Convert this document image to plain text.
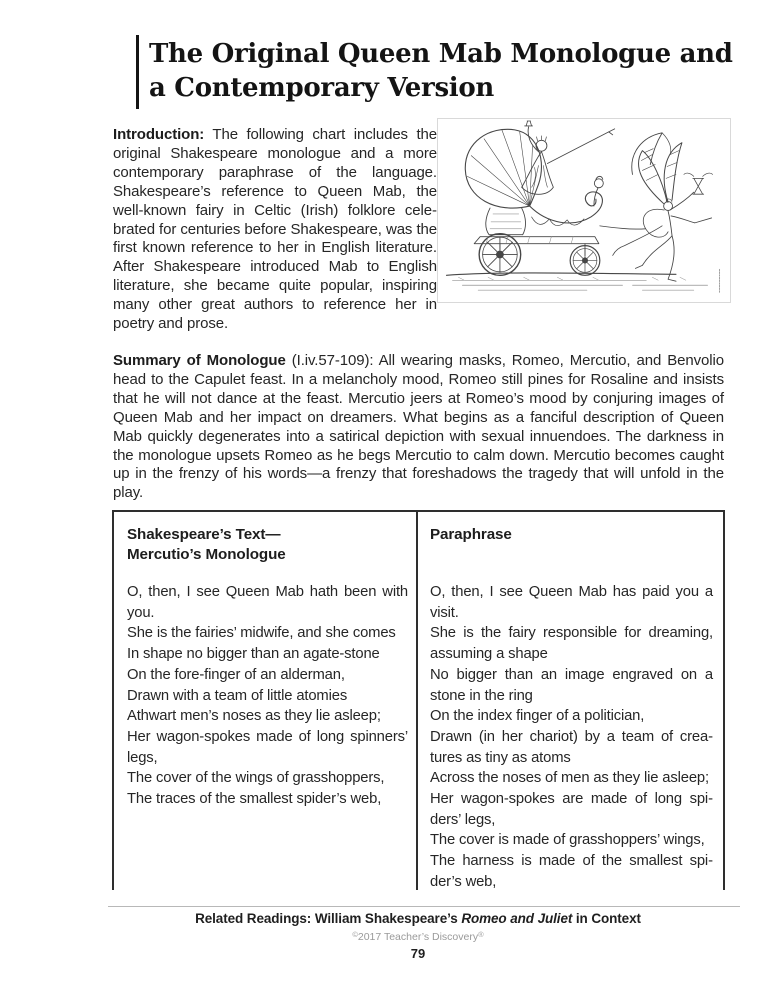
The Original Queen Mab Monologue and
a Contemporary Version

Introduction: The following chart includes the original Shakespeare monologue and a more contemporary paraphrase of the language. Shakespeare’s reference to Queen Mab, the well-known fairy in Celtic (Irish) folklore celebrated for centuries before Shakespeare, was the first known reference to her in English literature. After Shakespeare introduced Mab to English literature, she became quite popular, inspiring many other great authors to reference her in poetry and prose.

Summary of Monologue (I.iv.57-109): All wearing masks, Romeo, Mercutio, and Benvolio head to the Capulet feast. In a melancholy mood, Romeo still pines for Rosaline and insists that he will not dance at the feast. Mercutio jeers at Romeo’s mood by conjuring images of Queen Mab and her impact on dreamers. What begins as a fanciful description of Queen Mab quickly degenerates into a satirical depiction with sexual innuendoes. The darkness in the monologue upsets Romeo as he begs Mercutio to calm down. Mercutio becomes caught up in the frenzy of his words—a frenzy that foreshadows the tragedy that will unfold in the play.

Shakespeare’s Text—
Mercutio’s Monologue
O, then, I see Queen Mab hath been with you.
She is the fairies’ midwife, and she comes
In shape no bigger than an agate-stone
On the fore-finger of an alderman,
Drawn with a team of little atomies
Athwart men’s noses as they lie asleep;
Her wagon-spokes made of long spinners’ legs,
The cover of the wings of grasshoppers,
The traces of the smallest spider’s web,
Paraphrase
O, then, I see Queen Mab has paid you a visit.
She is the fairy responsible for dreaming, assuming a shape
No bigger than an image engraved on a stone in the ring
On the index finger of a politician,
Drawn (in her chariot) by a team of creatures as tiny as atoms
Across the noses of men as they lie asleep;
Her wagon-spokes are made of long spiders’ legs,
The cover is made of grasshoppers’ wings,
The harness is made of the smallest spider’s web,
Related Readings: William Shakespeare’s Romeo and Juliet in Context
©2017 Teacher’s Discovery®
79
